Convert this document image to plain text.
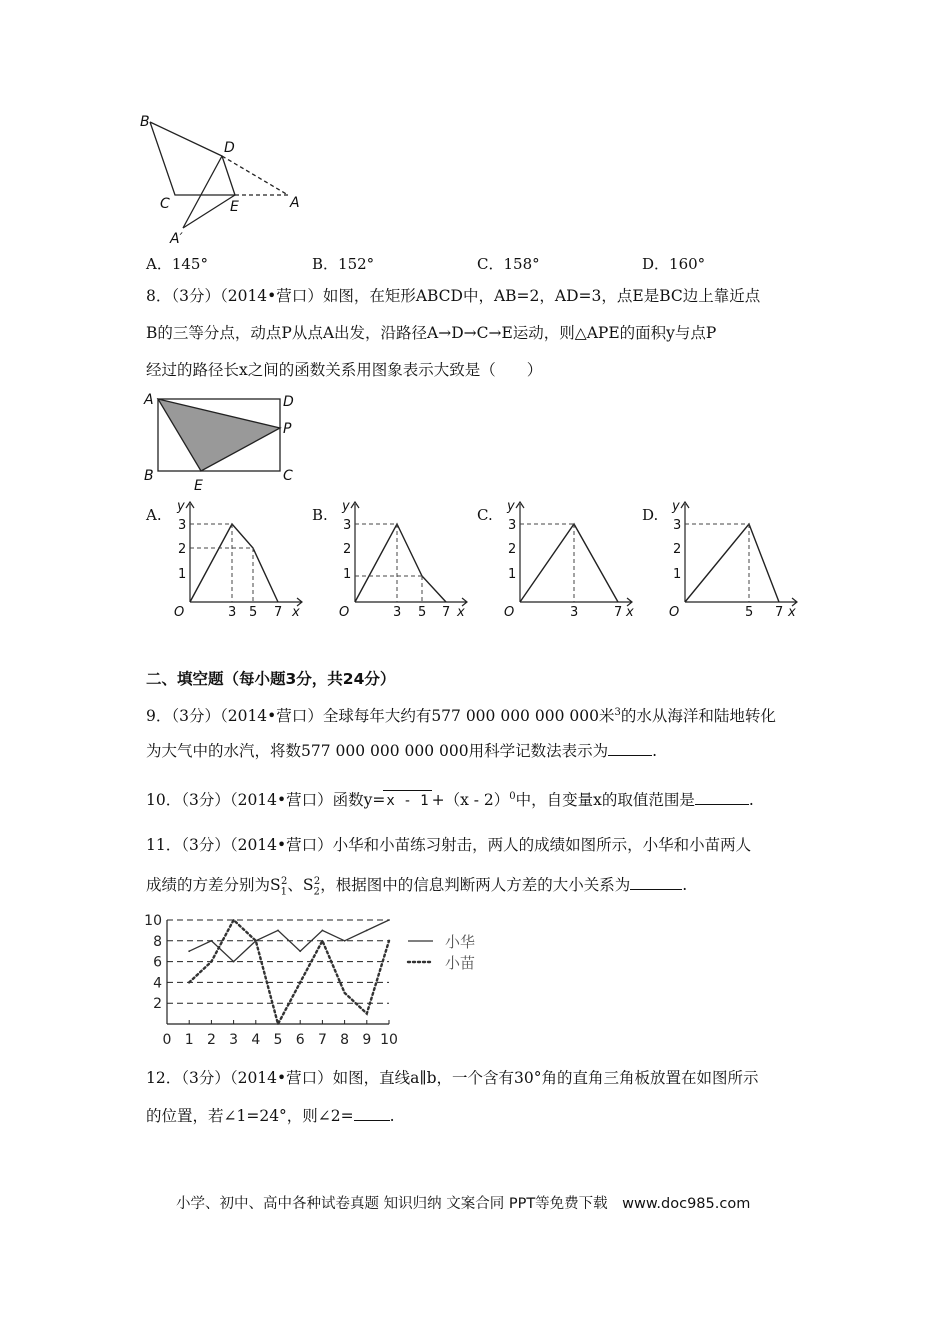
B
D
C	E	A
A′
A．145°	B．152°	C．158°	D．160°
8．（3分）（2014•营口）如图，在矩形ABCD中，AB=2，AD=3，点E是BC边上靠近点
B的三等分点，动点P从点A出发，沿路径A→D→C→E运动，则△APE的面积y与点P
经过的路径长x之间的函数关系用图象表示大致是（　　）
A	D
P
B	C
E
A.	B.	C.	D.
3
2
1
O	3 5 7 x
y
3
2
1
O	3 5 7 x
y
3
2
1
O	3	7 x
y
3
2
1
O	5 7 x
y
二、填空题（每小题3分，共24分）
9．（3分）（2014•营口）全球每年大约有577 000 000 000 000米$^3$的水从海洋和陆地转化
为大气中的水汽，将数577 000 000 000 000用科学记数法表示为	.
10．（3分）（2014•营口）函数y=x - 1 +（x - 2）$^0$中，自变量x的取值范围是	.
11．（3分）（2014•营口）小华和小苗练习射击，两人的成绩如图所示，小华和小苗两人
成绩的方差分别为$S_1^2$、$S_2^2$，根据图中的信息判断两人方差的大小关系为	.
0 1 2 3 4 5 6 7 8 9 10
2
4
6
8
10
小华
小苗
12．（3分）（2014•营口）如图，直线a∥b，一个含有30°角的直角三角板放置在如图所示
的位置，若∠1=24°，则∠2= .
小学、初中、高中各种试卷真题 知识归纳 文案合同 PPT等免费下载　www.doc985.com
